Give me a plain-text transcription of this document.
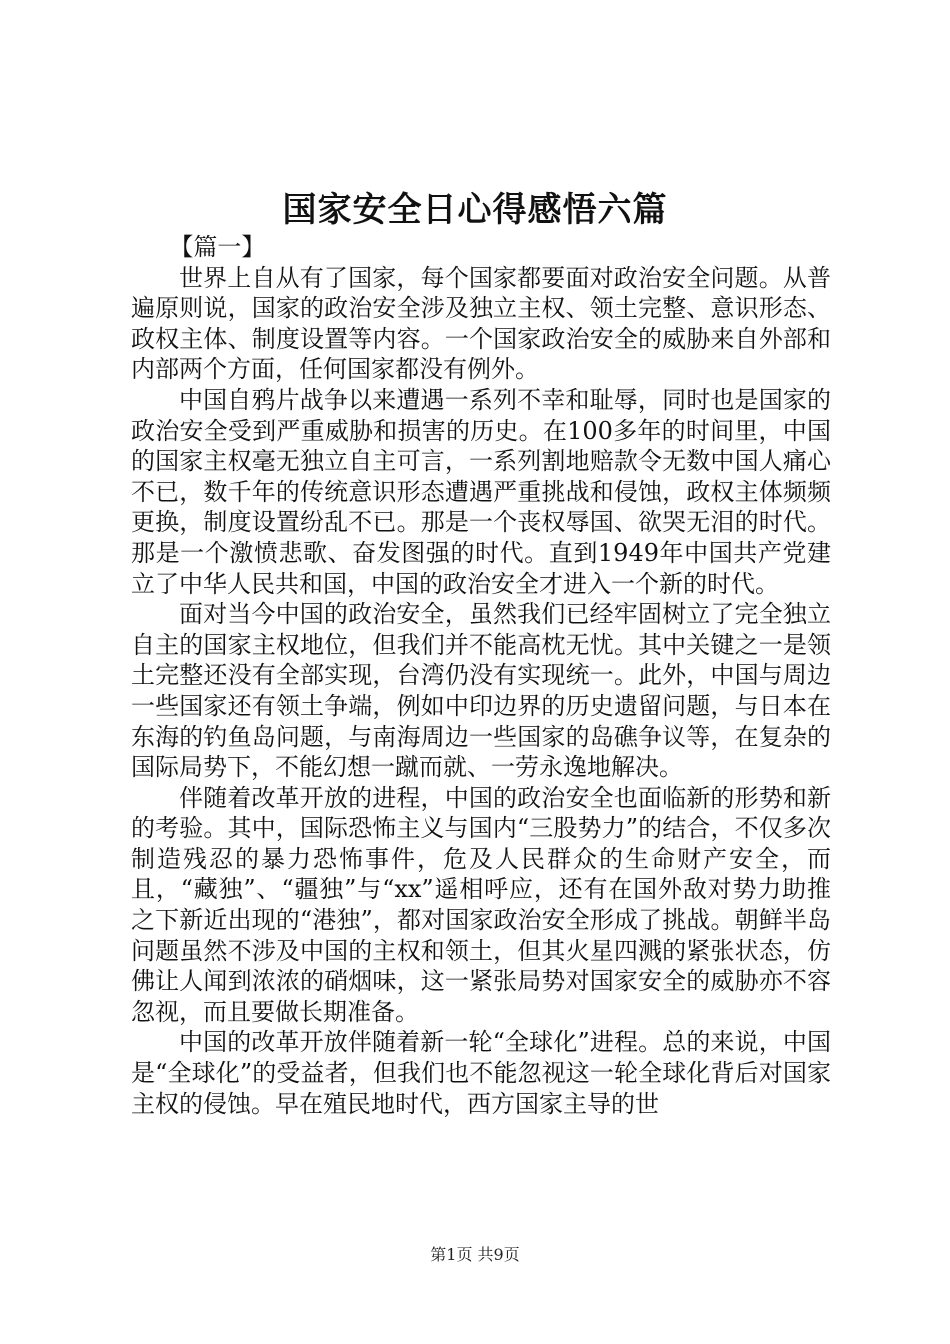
国家安全日心得感悟六篇
【篇一】

世界上自从有了国家，每个国家都要面对政治安全问题。从普遍原则说，国家的政治安全涉及独立主权、领土完整、意识形态、政权主体、制度设置等内容。一个国家政治安全的威胁来自外部和内部两个方面，任何国家都没有例外。

中国自鸦片战争以来遭遇一系列不幸和耻辱，同时也是国家的政治安全受到严重威胁和损害的历史。在100多年的时间里，中国的国家主权毫无独立自主可言，一系列割地赔款令无数中国人痛心不已，数千年的传统意识形态遭遇严重挑战和侵蚀，政权主体频频更换，制度设置纷乱不已。那是一个丧权辱国、欲哭无泪的时代。那是一个激愤悲歌、奋发图强的时代。直到1949年中国共产党建立了中华人民共和国，中国的政治安全才进入一个新的时代。

面对当今中国的政治安全，虽然我们已经牢固树立了完全独立自主的国家主权地位，但我们并不能高枕无忧。其中关键之一是领土完整还没有全部实现，台湾仍没有实现统一。此外，中国与周边一些国家还有领土争端，例如中印边界的历史遗留问题，与日本在东海的钓鱼岛问题，与南海周边一些国家的岛礁争议等，在复杂的国际局势下，不能幻想一蹴而就、一劳永逸地解决。

伴随着改革开放的进程，中国的政治安全也面临新的形势和新的考验。其中，国际恐怖主义与国内“三股势力”的结合，不仅多次制造残忍的暴力恐怖事件，危及人民群众的生命财产安全，而且，“藏独”、“疆独”与“xx”遥相呼应，还有在国外敌对势力助推之下新近出现的“港独”，都对国家政治安全形成了挑战。朝鲜半岛问题虽然不涉及中国的主权和领土，但其火星四溅的紧张状态，仿佛让人闻到浓浓的硝烟味，这一紧张局势对国家安全的威胁亦不容忽视，而且要做长期准备。

中国的改革开放伴随着新一轮“全球化”进程。总的来说，中国是“全球化”的受益者，但我们也不能忽视这一轮全球化背后对国家主权的侵蚀。早在殖民地时代，西方国家主导的世

第1页 共9页
